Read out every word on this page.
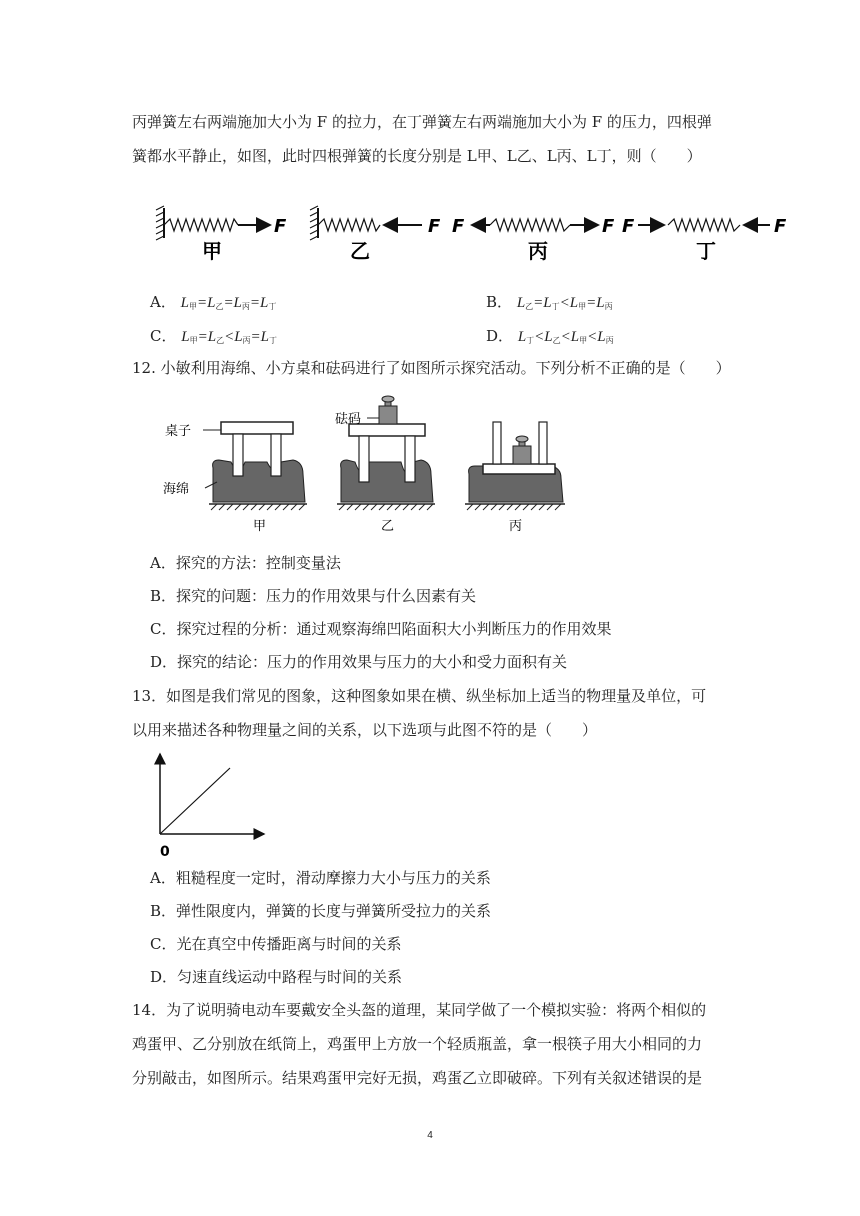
丙弹簧左右两端施加大小为 F 的拉力，在丁弹簧左右两端施加大小为 F 的压力，四根弹
簧都水平静止，如图，此时四根弹簧的长度分别是 L甲、L乙、L丙、L丁，则（　　）
F	F F	F F	F
甲	乙	丙	丁
A． $L_甲=L_乙=L_丙=L_丁$	B． $L_乙=L_丁<L_甲=L_丙$
C． $L_甲=L_乙<L_丙=L_丁$	D． $L_丁<L_乙<L_甲<L_丙$
12. 小敏利用海绵、小方桌和砝码进行了如图所示探究活动。下列分析不正确的是（　　）
桌子
砝码
海绵
甲	乙	丙
A．探究的方法：控制变量法
B．探究的问题：压力的作用效果与什么因素有关
C．探究过程的分析：通过观察海绵凹陷面积大小判断压力的作用效果
D．探究的结论：压力的作用效果与压力的大小和受力面积有关
13．如图是我们常见的图象，这种图象如果在横、纵坐标加上适当的物理量及单位，可
以用来描述各种物理量之间的关系，以下选项与此图不符的是（　　）
0
A．粗糙程度一定时，滑动摩擦力大小与压力的关系
B．弹性限度内，弹簧的长度与弹簧所受拉力的关系
C．光在真空中传播距离与时间的关系
D．匀速直线运动中路程与时间的关系
14．为了说明骑电动车要戴安全头盔的道理，某同学做了一个模拟实验：将两个相似的
鸡蛋甲、乙分别放在纸筒上，鸡蛋甲上方放一个轻质瓶盖，拿一根筷子用大小相同的力
分别敲击，如图所示。结果鸡蛋甲完好无损，鸡蛋乙立即破碎。下列有关叙述错误的是
4
